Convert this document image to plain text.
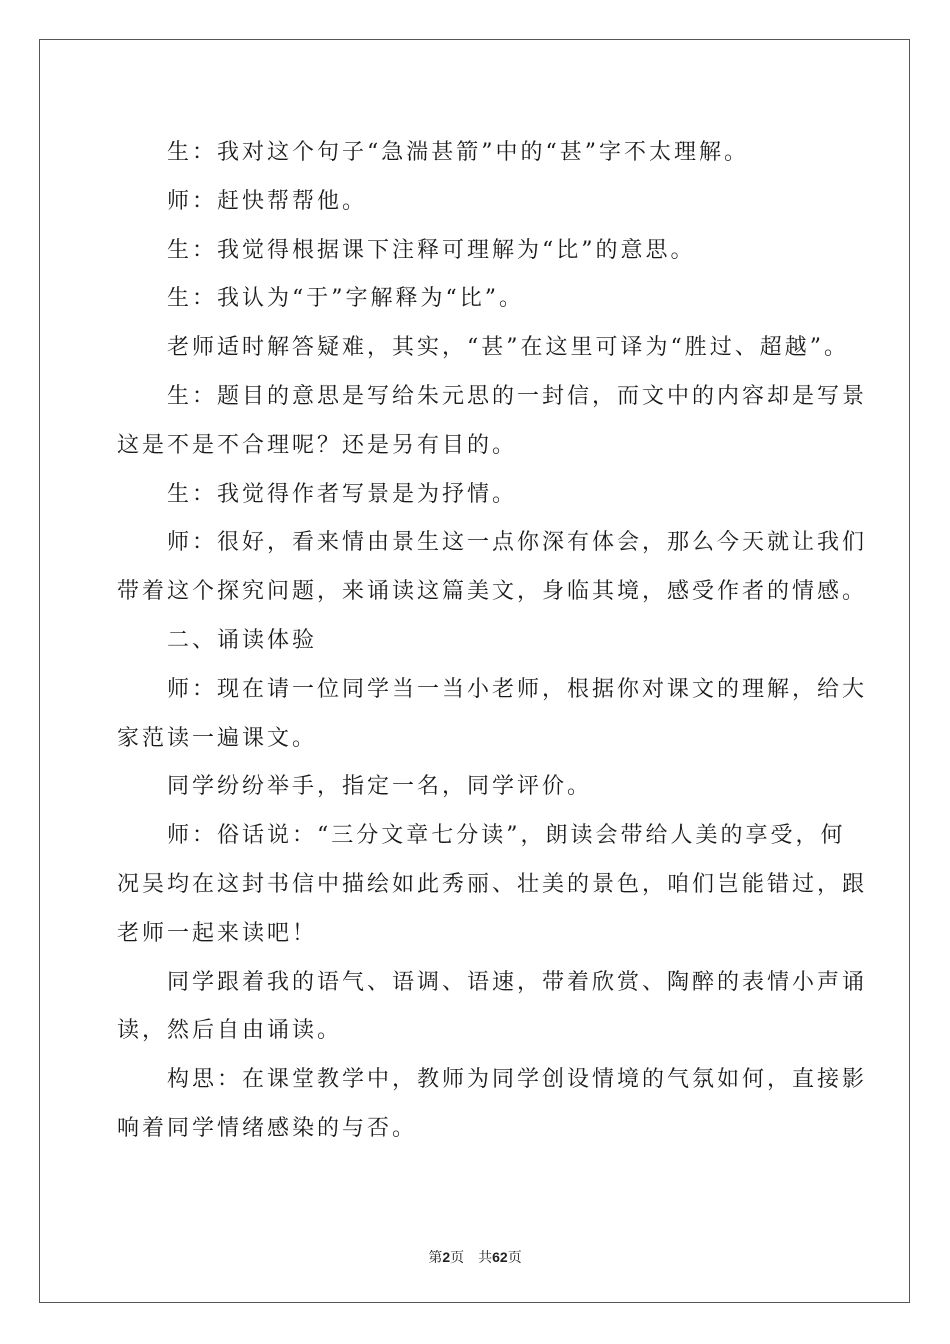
生：我对这个句子“急湍甚箭”中的“甚”字不太理解。

师：赶快帮帮他。

生：我觉得根据课下注释可理解为“比”的意思。

生：我认为“于”字解释为“比”。

老师适时解答疑难，其实，“甚”在这里可译为“胜过、超越”。

生：题目的意思是写给朱元思的一封信，而文中的内容却是写景

这是不是不合理呢？还是另有目的。

生：我觉得作者写景是为抒情。

师：很好，看来情由景生这一点你深有体会，那么今天就让我们

带着这个探究问题，来诵读这篇美文，身临其境，感受作者的情感。

二、诵读体验

师：现在请一位同学当一当小老师，根据你对课文的理解，给大

家范读一遍课文。

同学纷纷举手，指定一名，同学评价。

师：俗话说：“三分文章七分读”，朗读会带给人美的享受，何

况吴均在这封书信中描绘如此秀丽、壮美的景色，咱们岂能错过，跟

老师一起来读吧！

同学跟着我的语气、语调、语速，带着欣赏、陶醉的表情小声诵

读，然后自由诵读。

构思：在课堂教学中，教师为同学创设情境的气氛如何，直接影

响着同学情绪感染的与否。

第2页 共62页
